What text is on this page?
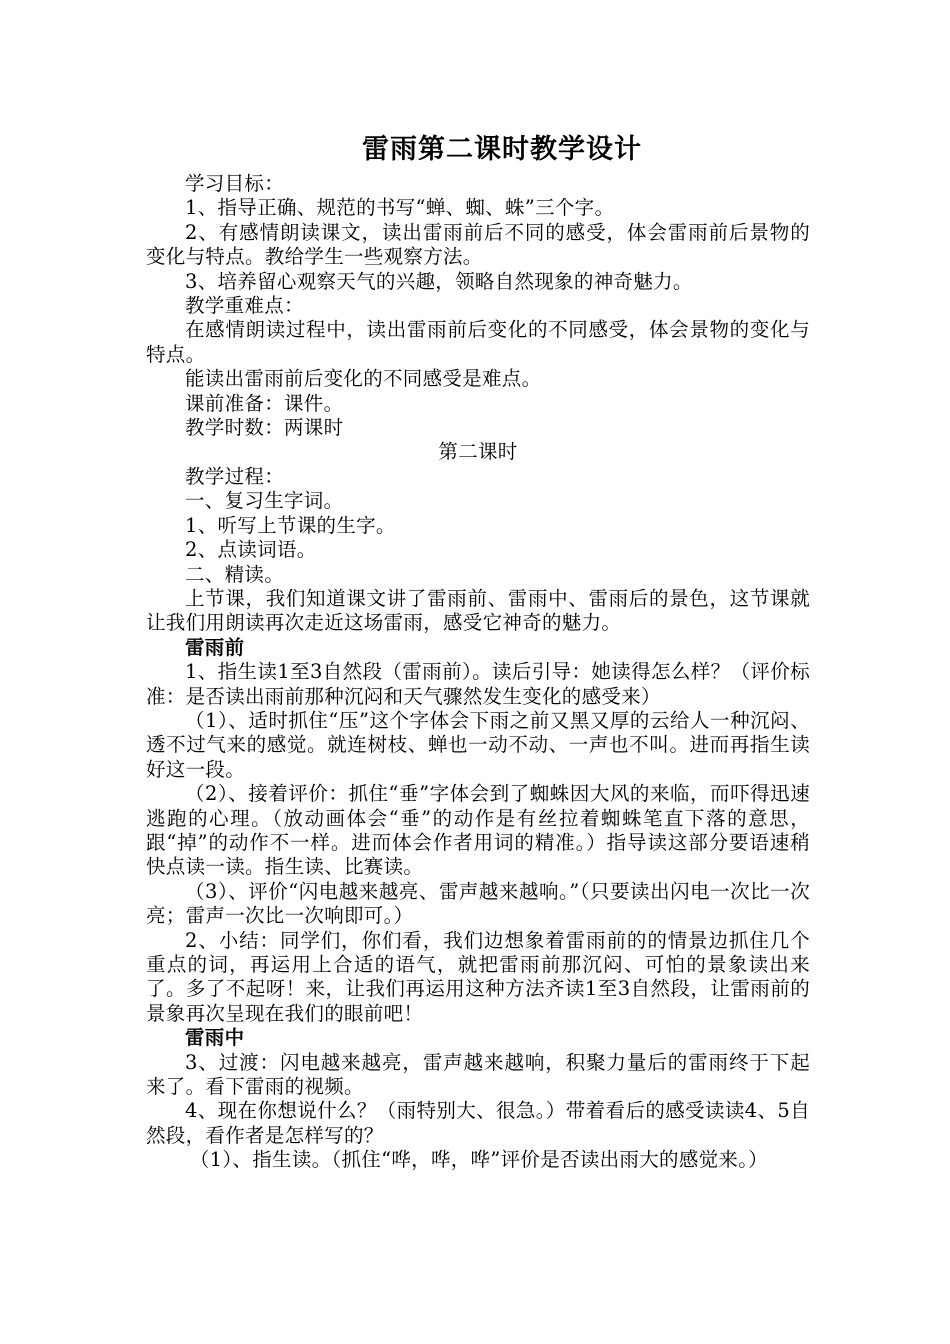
雷雨第二课时教学设计

学习目标：

1、指导正确、规范的书写“蝉、蜘、蛛”三个字。

2、有感情朗读课文，读出雷雨前后不同的感受，体会雷雨前后景物的变化与特点。教给学生一些观察方法。

3、培养留心观察天气的兴趣，领略自然现象的神奇魅力。

教学重难点：

在感情朗读过程中，读出雷雨前后变化的不同感受，体会景物的变化与特点。

能读出雷雨前后变化的不同感受是难点。

课前准备：课件。

教学时数：两课时

第二课时

教学过程：

一、复习生字词。

1、听写上节课的生字。

2、点读词语。

二、精读。

上节课，我们知道课文讲了雷雨前、雷雨中、雷雨后的景色，这节课就让我们用朗读再次走近这场雷雨，感受它神奇的魅力。

雷雨前

1、指生读1至3自然段（雷雨前）。读后引导：她读得怎么样？（评价标准：是否读出雨前那种沉闷和天气骤然发生变化的感受来）

（1）、适时抓住“压”这个字体会下雨之前又黑又厚的云给人一种沉闷、透不过气来的感觉。就连树枝、蝉也一动不动、一声也不叫。进而再指生读好这一段。

（2）、接着评价：抓住“垂”字体会到了蜘蛛因大风的来临，而吓得迅速逃跑的心理。（放动画体会“垂”的动作是有丝拉着蜘蛛笔直下落的意思，跟“掉”的动作不一样。进而体会作者用词的精准。）指导读这部分要语速稍快点读一读。指生读、比赛读。

（3）、评价“闪电越来越亮、雷声越来越响。”（只要读出闪电一次比一次亮；雷声一次比一次响即可。）

2、小结：同学们，你们看，我们边想象着雷雨前的的情景边抓住几个重点的词，再运用上合适的语气，就把雷雨前那沉闷、可怕的景象读出来了。多了不起呀！来，让我们再运用这种方法齐读1至3自然段，让雷雨前的景象再次呈现在我们的眼前吧！

雷雨中

3、过渡：闪电越来越亮，雷声越来越响，积聚力量后的雷雨终于下起来了。看下雷雨的视频。

4、现在你想说什么？（雨特别大、很急。）带着看后的感受读读4、5自然段，看作者是怎样写的？

（1）、指生读。（抓住“哗，哗，哗”评价是否读出雨大的感觉来。）
